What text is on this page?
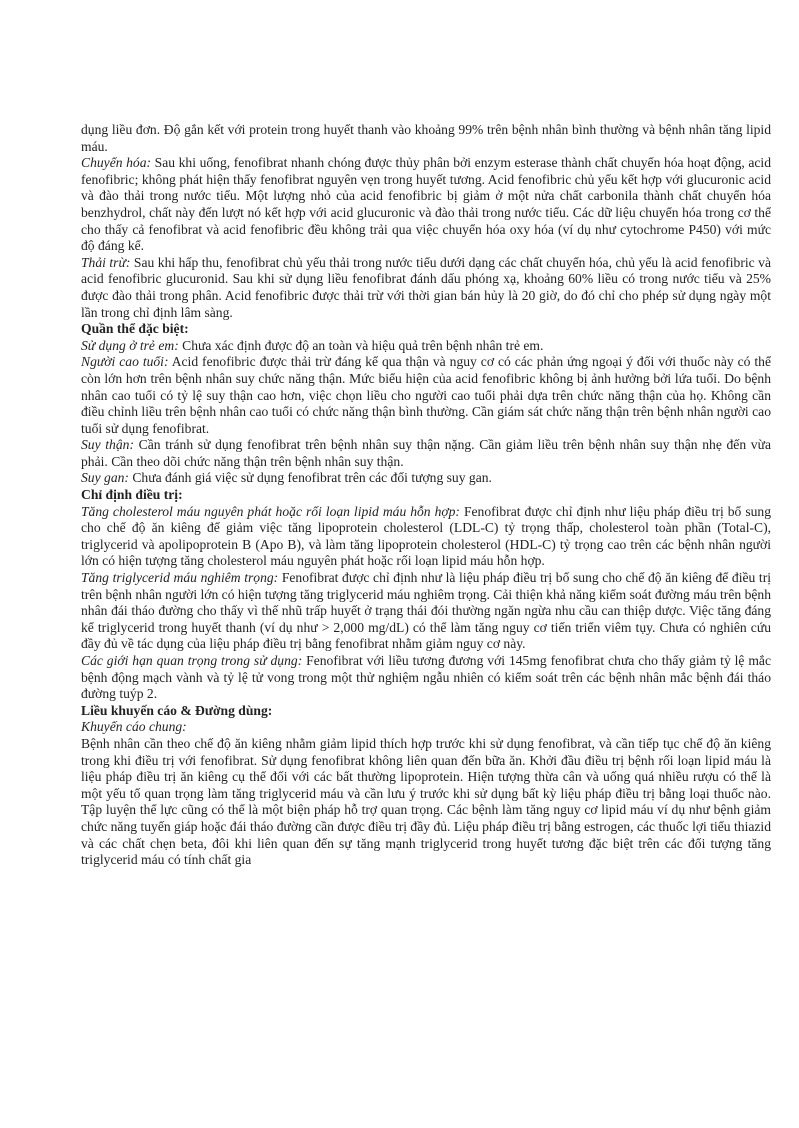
dụng liều đơn. Độ gắn kết với protein trong huyết thanh vào khoảng 99% trên bệnh nhân bình thường và bệnh nhân tăng lipid máu.

Chuyển hóa: Sau khi uống, fenofibrat nhanh chóng được thủy phân bởi enzym esterase thành chất chuyển hóa hoạt động, acid fenofibric; không phát hiện thấy fenofibrat nguyên vẹn trong huyết tương. Acid fenofibric chủ yếu kết hợp với glucuronic acid và đào thải trong nước tiểu. Một lượng nhỏ của acid fenofibric bị giảm ở một nửa chất carbonila thành chất chuyển hóa benzhydrol, chất này đến lượt nó kết hợp với acid glucuronic và đào thải trong nước tiểu. Các dữ liệu chuyển hóa trong cơ thể cho thấy cả fenofibrat và acid fenofibric đều không trải qua việc chuyển hóa oxy hóa (ví dụ như cytochrome P450) với mức độ đáng kể.

Thải trừ: Sau khi hấp thu, fenofibrat chủ yếu thải trong nước tiểu dưới dạng các chất chuyển hóa, chủ yếu là acid fenofibric và acid fenofibric glucuronid. Sau khi sử dụng liều fenofibrat đánh dấu phóng xạ, khoảng 60% liều có trong nước tiểu và 25% được đào thải trong phân. Acid fenofibric được thải trừ với thời gian bán hủy là 20 giờ, do đó chỉ cho phép sử dụng ngày một lần trong chỉ định lâm sàng.

Quần thể đặc biệt:

Sử dụng ở trẻ em: Chưa xác định được độ an toàn và hiệu quả trên bệnh nhân trẻ em.

Người cao tuổi: Acid fenofibric được thải trừ đáng kể qua thận và nguy cơ có các phản ứng ngoại ý đối với thuốc này có thể còn lớn hơn trên bệnh nhân suy chức năng thận. Mức biểu hiện của acid fenofibric không bị ảnh hưởng bởi lứa tuổi. Do bệnh nhân cao tuổi có tỷ lệ suy thận cao hơn, việc chọn liều cho người cao tuổi phải dựa trên chức năng thận của họ. Không cần điều chỉnh liều trên bệnh nhân cao tuổi có chức năng thận bình thường. Cần giám sát chức năng thận trên bệnh nhân người cao tuổi sử dụng fenofibrat.

Suy thận: Cần tránh sử dụng fenofibrat trên bệnh nhân suy thận nặng. Cần giảm liều trên bệnh nhân suy thận nhẹ đến vừa phải. Cần theo dõi chức năng thận trên bệnh nhân suy thận.

Suy gan: Chưa đánh giá việc sử dụng fenofibrat trên các đối tượng suy gan.

Chỉ định điều trị:

Tăng cholesterol máu nguyên phát hoặc rối loạn lipid máu hỗn hợp: Fenofibrat được chỉ định như liệu pháp điều trị bổ sung cho chế độ ăn kiêng để giảm việc tăng lipoprotein cholesterol (LDL-C) tỷ trọng thấp, cholesterol toàn phần (Total-C), triglycerid và apolipoprotein B (Apo B), và làm tăng lipoprotein cholesterol (HDL-C) tỷ trọng cao trên các bệnh nhân người lớn có hiện tượng tăng cholesterol máu nguyên phát hoặc rối loạn lipid máu hỗn hợp.

Tăng triglycerid máu nghiêm trọng: Fenofibrat được chỉ định như là liệu pháp điều trị bổ sung cho chế độ ăn kiêng để điều trị trên bệnh nhân người lớn có hiện tượng tăng triglycerid máu nghiêm trọng. Cải thiện khả năng kiểm soát đường máu trên bệnh nhân đái tháo đường cho thấy vì thế nhũ trấp huyết ở trạng thái đói thường ngăn ngừa nhu cầu can thiệp dược. Việc tăng đáng kể triglycerid trong huyết thanh (ví dụ như > 2,000 mg/dL) có thể làm tăng nguy cơ tiến triển viêm tụy. Chưa có nghiên cứu đầy đủ về tác dụng của liệu pháp điều trị bằng fenofibrat nhằm giảm nguy cơ này.

Các giới hạn quan trọng trong sử dụng: Fenofibrat với liều tương đương với 145mg fenofibrat chưa cho thấy giảm tỷ lệ mắc bệnh động mạch vành và tỷ lệ tử vong trong một thử nghiệm ngẫu nhiên có kiểm soát trên các bệnh nhân mắc bệnh đái tháo đường tuýp 2.

Liều khuyến cáo & Đường dùng:

Khuyến cáo chung:

Bệnh nhân cần theo chế độ ăn kiêng nhằm giảm lipid thích hợp trước khi sử dụng fenofibrat, và cần tiếp tục chế độ ăn kiêng trong khi điều trị với fenofibrat. Sử dụng fenofibrat không liên quan đến bữa ăn. Khởi đầu điều trị bệnh rối loạn lipid máu là liệu pháp điều trị ăn kiêng cụ thể đối với các bất thường lipoprotein. Hiện tượng thừa cân và uống quá nhiều rượu có thể là một yếu tố quan trọng làm tăng triglycerid máu và cần lưu ý trước khi sử dụng bất kỳ liệu pháp điều trị bằng loại thuốc nào. Tập luyện thể lực cũng có thể là một biện pháp hỗ trợ quan trọng. Các bệnh làm tăng nguy cơ lipid máu ví dụ như bệnh giảm chức năng tuyến giáp hoặc đái tháo đường cần được điều trị đầy đủ. Liệu pháp điều trị bằng estrogen, các thuốc lợi tiểu thiazid và các chất chẹn beta, đôi khi liên quan đến sự tăng mạnh triglycerid trong huyết tương đặc biệt trên các đối tượng tăng triglycerid máu có tính chất gia
